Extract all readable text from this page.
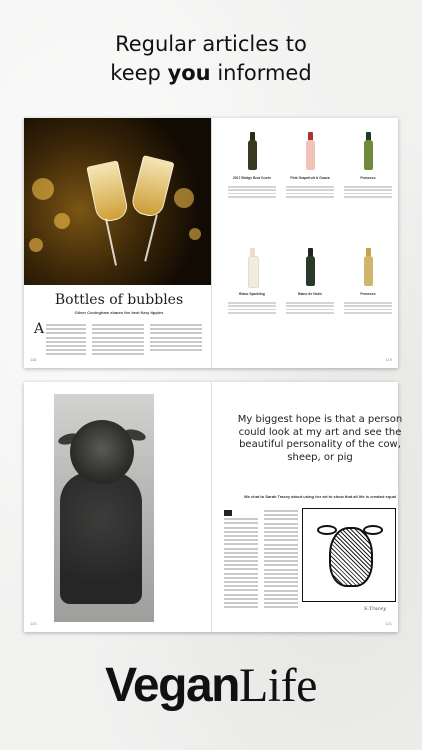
Regular articles to
keep you informed
Bottles of bubbles
Oliver Coningham shares the best fizzy tipples
A
118
2017 Bridge Brut Cuvée	Pink Grapefruit & Guava	Prosecco
Blanc Sparkling	Blanc de Noirs	Prosecco
119
120
My biggest hope is that a person could look at my art and see the beautiful personality of the cow, sheep, or pig
We chat to Sarah Tracey about using her art to show that all life is created equal
S.Tracey
121
VeganLife
